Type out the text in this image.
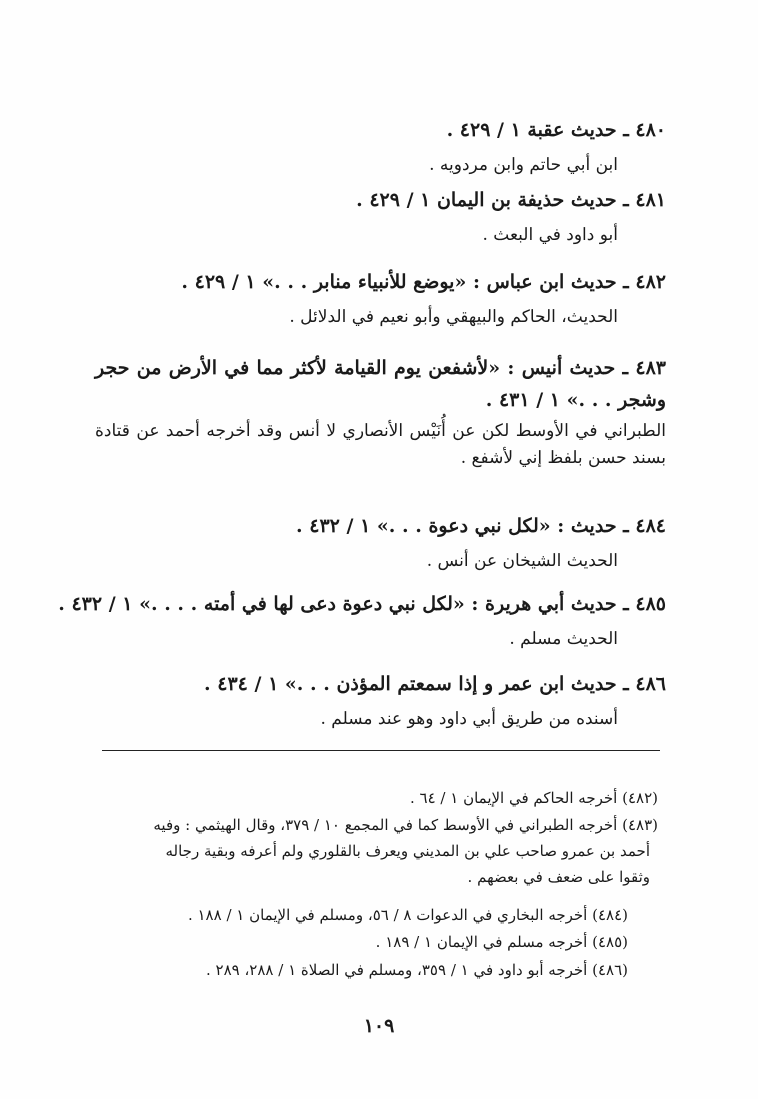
٤٨٠ ـ حديث عقبة ١ / ٤٢٩ .
ابن أبي حاتم وابن مردويه .
٤٨١ ـ حديث حذيفة بن اليمان ١ / ٤٢٩ .
أبو داود في البعث .
٤٨٢ ـ حديث ابن عباس : «يوضع للأنبياء منابر . . .» ١ / ٤٢٩ .
الحديث، الحاكم والبيهقي وأبو نعيم في الدلائل .
٤٨٣ ـ حديث أنيس : «لأشفعن يوم القيامة لأكثر مما في الأرض من حجر وشجر . . .» ١ / ٤٣١ .
الطبراني في الأوسط لكن عن أُنَيْس الأنصاري لا أنس وقد أخرجه أحمد عن قتادة بسند حسن بلفظ إني لأشفع .
٤٨٤ ـ حديث : «لكل نبي دعوة . . .» ١ / ٤٣٢ .
الحديث الشيخان عن أنس .
٤٨٥ ـ حديث أبي هريرة : «لكل نبي دعوة دعى لها في أمته . . . .» ١ / ٤٣٢ .
الحديث مسلم .
٤٨٦ ـ حديث ابن عمر و إذا سمعتم المؤذن . . .» ١ / ٤٣٤ .
أسنده من طريق أبي داود وهو عند مسلم .
(٤٨٢) أخرجه الحاكم في الإيمان ١ / ٦٤ .
(٤٨٣) أخرجه الطبراني في الأوسط كما في المجمع ١٠ / ٣٧٩، وقال الهيثمي : وفيه
أحمد بن عمرو صاحب علي بن المديني ويعرف بالقلوري ولم أعرفه وبقية رجاله
وثقوا على ضعف في بعضهم .
(٤٨٤) أخرجه البخاري في الدعوات ٨ / ٥٦، ومسلم في الإيمان ١ / ١٨٨ .
(٤٨٥) أخرجه مسلم في الإيمان ١ / ١٨٩ .
(٤٨٦) أخرجه أبو داود في ١ / ٣٥٩، ومسلم في الصلاة ١ / ٢٨٨، ٢٨٩ .
١٠٩
